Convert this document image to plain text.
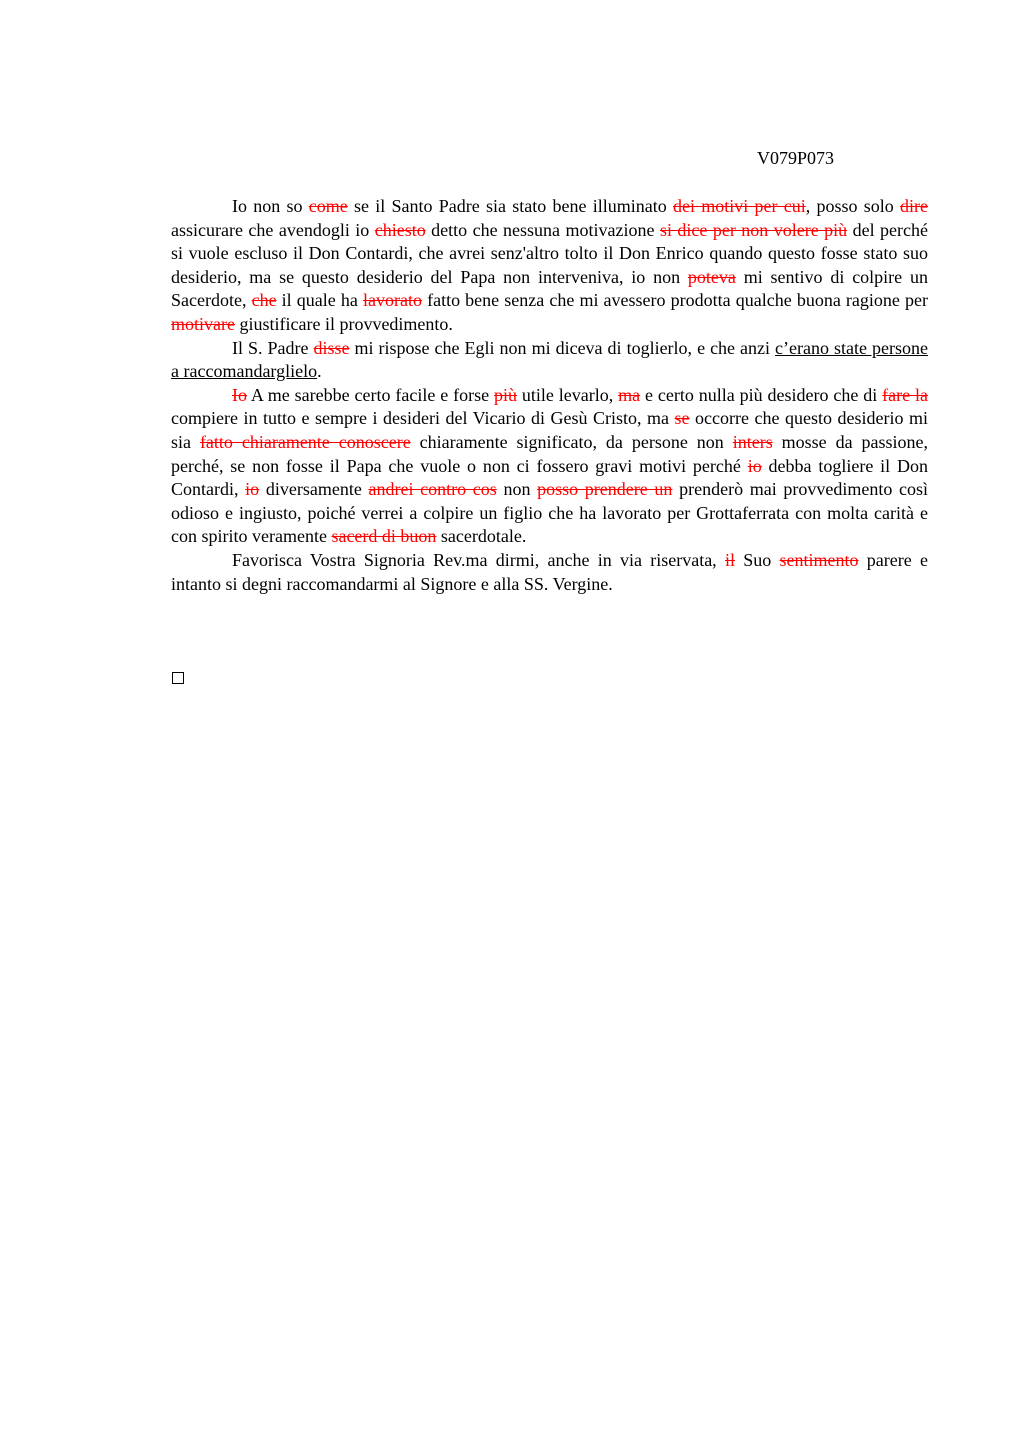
V079P073

Io non so come se il Santo Padre sia stato bene illuminato dei motivi per cui, posso solo dire assicurare che avendogli io chiesto detto che nessuna motivazione si dice per non volere più del perché si vuole escluso il Don Contardi, che avrei senz'altro tolto il Don Enrico quando questo fosse stato suo desiderio, ma se questo desiderio del Papa non interveniva, io non poteva mi sentivo di colpire un Sacerdote, che il quale ha lavorato fatto bene senza che mi avessero prodotta qualche buona ragione per motivare giustificare il provvedimento.

Il S. Padre disse mi rispose che Egli non mi diceva di toglierlo, e che anzi c’erano state persone a raccomandarglielo.

Io A me sarebbe certo facile e forse più utile levarlo, ma e certo nulla più desidero che di fare la compiere in tutto e sempre i desideri del Vicario di Gesù Cristo, ma se occorre che questo desiderio mi sia fatto chiaramente conoscere chiaramente significato, da persone non inters mosse da passione, perché, se non fosse il Papa che vuole o non ci fossero gravi motivi perché io debba togliere il Don Contardi, io diversamente andrei contro cos non posso prendere un prenderò mai provvedimento così odioso e ingiusto, poiché verrei a colpire un figlio che ha lavorato per Grottaferrata con molta carità e con spirito veramente sacerd di buon sacerdotale.

Favorisca Vostra Signoria Rev.ma dirmi, anche in via riservata, il Suo sentimento parere e intanto si degni raccomandarmi al Signore e alla SS. Vergine.
